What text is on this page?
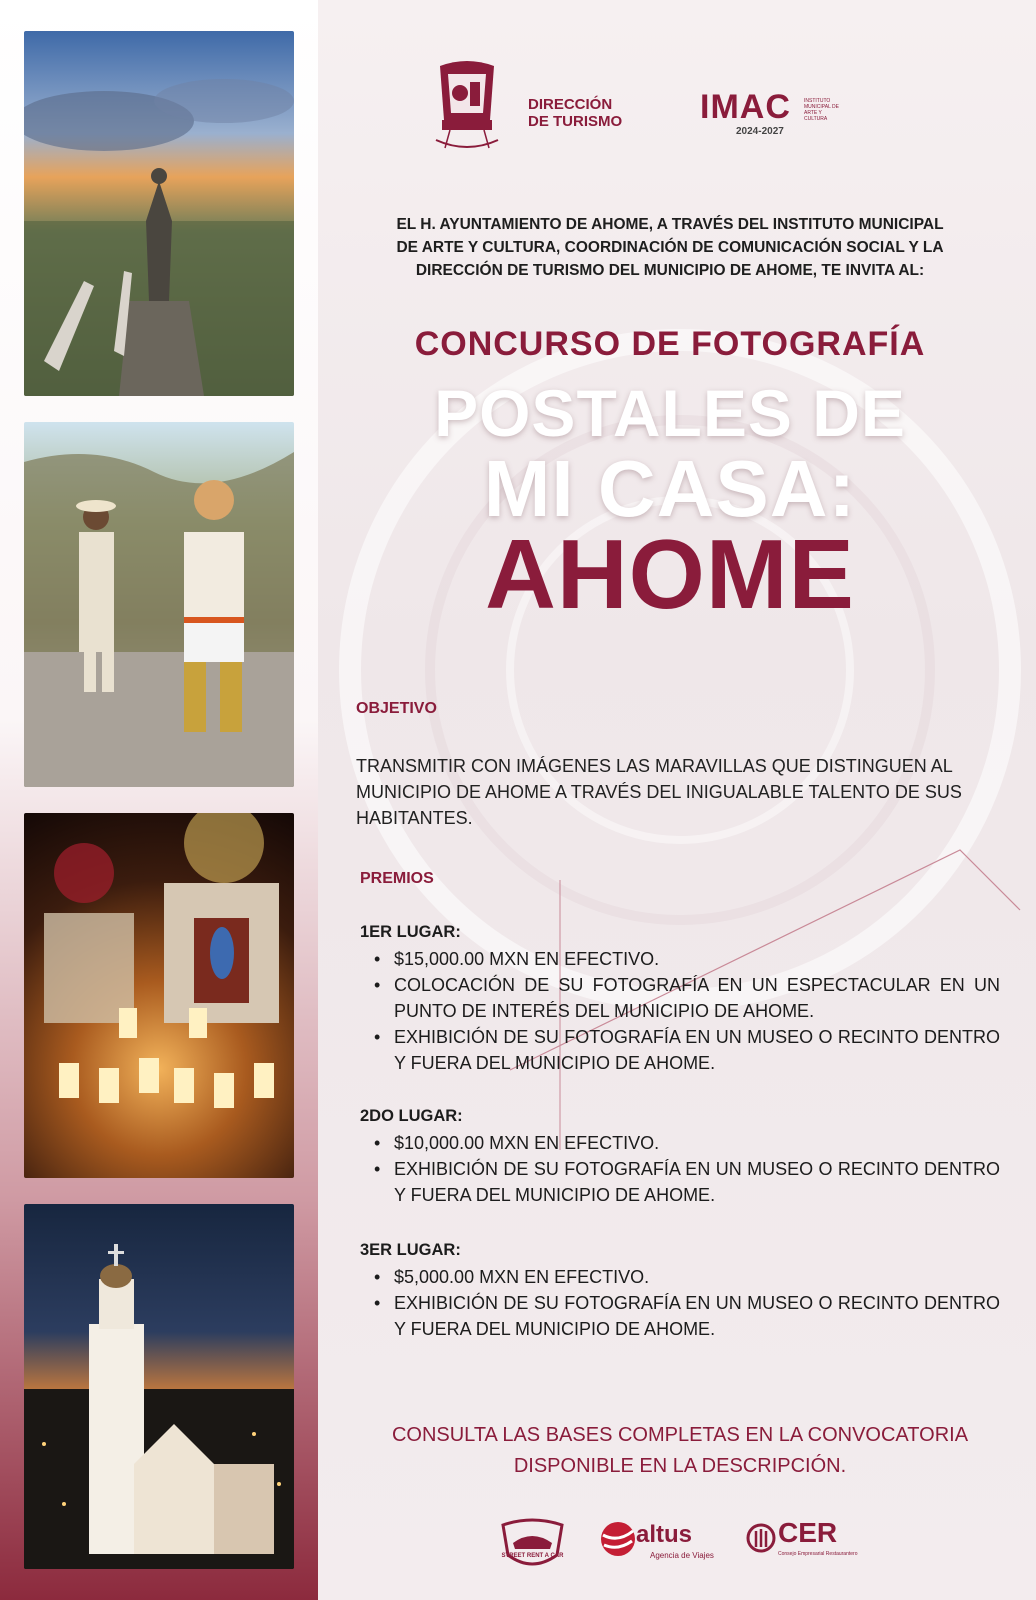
DIRECCIÓN
DE TURISMO	IMAC
2024-2027
INSTITUTO MUNICIPAL DE ARTE Y CULTURA
EL H. AYUNTAMIENTO DE AHOME, A TRAVÉS DEL INSTITUTO MUNICIPAL
DE ARTE Y CULTURA, COORDINACIÓN DE COMUNICACIÓN SOCIAL Y LA
DIRECCIÓN DE TURISMO DEL MUNICIPIO DE AHOME, TE INVITA AL:
CONCURSO DE FOTOGRAFÍA
POSTALES DE
MI CASA:
AHOME
OBJETIVO
TRANSMITIR CON IMÁGENES LAS MARAVILLAS QUE DISTINGUEN AL MUNICIPIO DE AHOME A TRAVÉS DEL INIGUALABLE TALENTO DE SUS HABITANTES.
PREMIOS
1ER LUGAR:
• $15,000.00 MXN EN EFECTIVO.
• COLOCACIÓN DE SU FOTOGRAFÍA EN UN ESPECTACULAR EN UN PUNTO DE INTERÉS DEL MUNICIPIO DE AHOME.
• EXHIBICIÓN DE SU FOTOGRAFÍA EN UN MUSEO O RECINTO DENTRO Y FUERA DEL MUNICIPIO DE AHOME.
2DO LUGAR:
• $10,000.00 MXN EN EFECTIVO.
• EXHIBICIÓN DE SU FOTOGRAFÍA EN UN MUSEO O RECINTO DENTRO Y FUERA DEL MUNICIPIO DE AHOME.
3ER LUGAR:
• $5,000.00 MXN EN EFECTIVO.
• EXHIBICIÓN DE SU FOTOGRAFÍA EN UN MUSEO O RECINTO DENTRO Y FUERA DEL MUNICIPIO DE AHOME.
CONSULTA LAS BASES COMPLETAS EN LA CONVOCATORIA
DISPONIBLE EN LA DESCRIPCIÓN.
STREET RENT A CAR
altus
Agencia de Viajes
CER
Consejo Empresarial Restaurantero
